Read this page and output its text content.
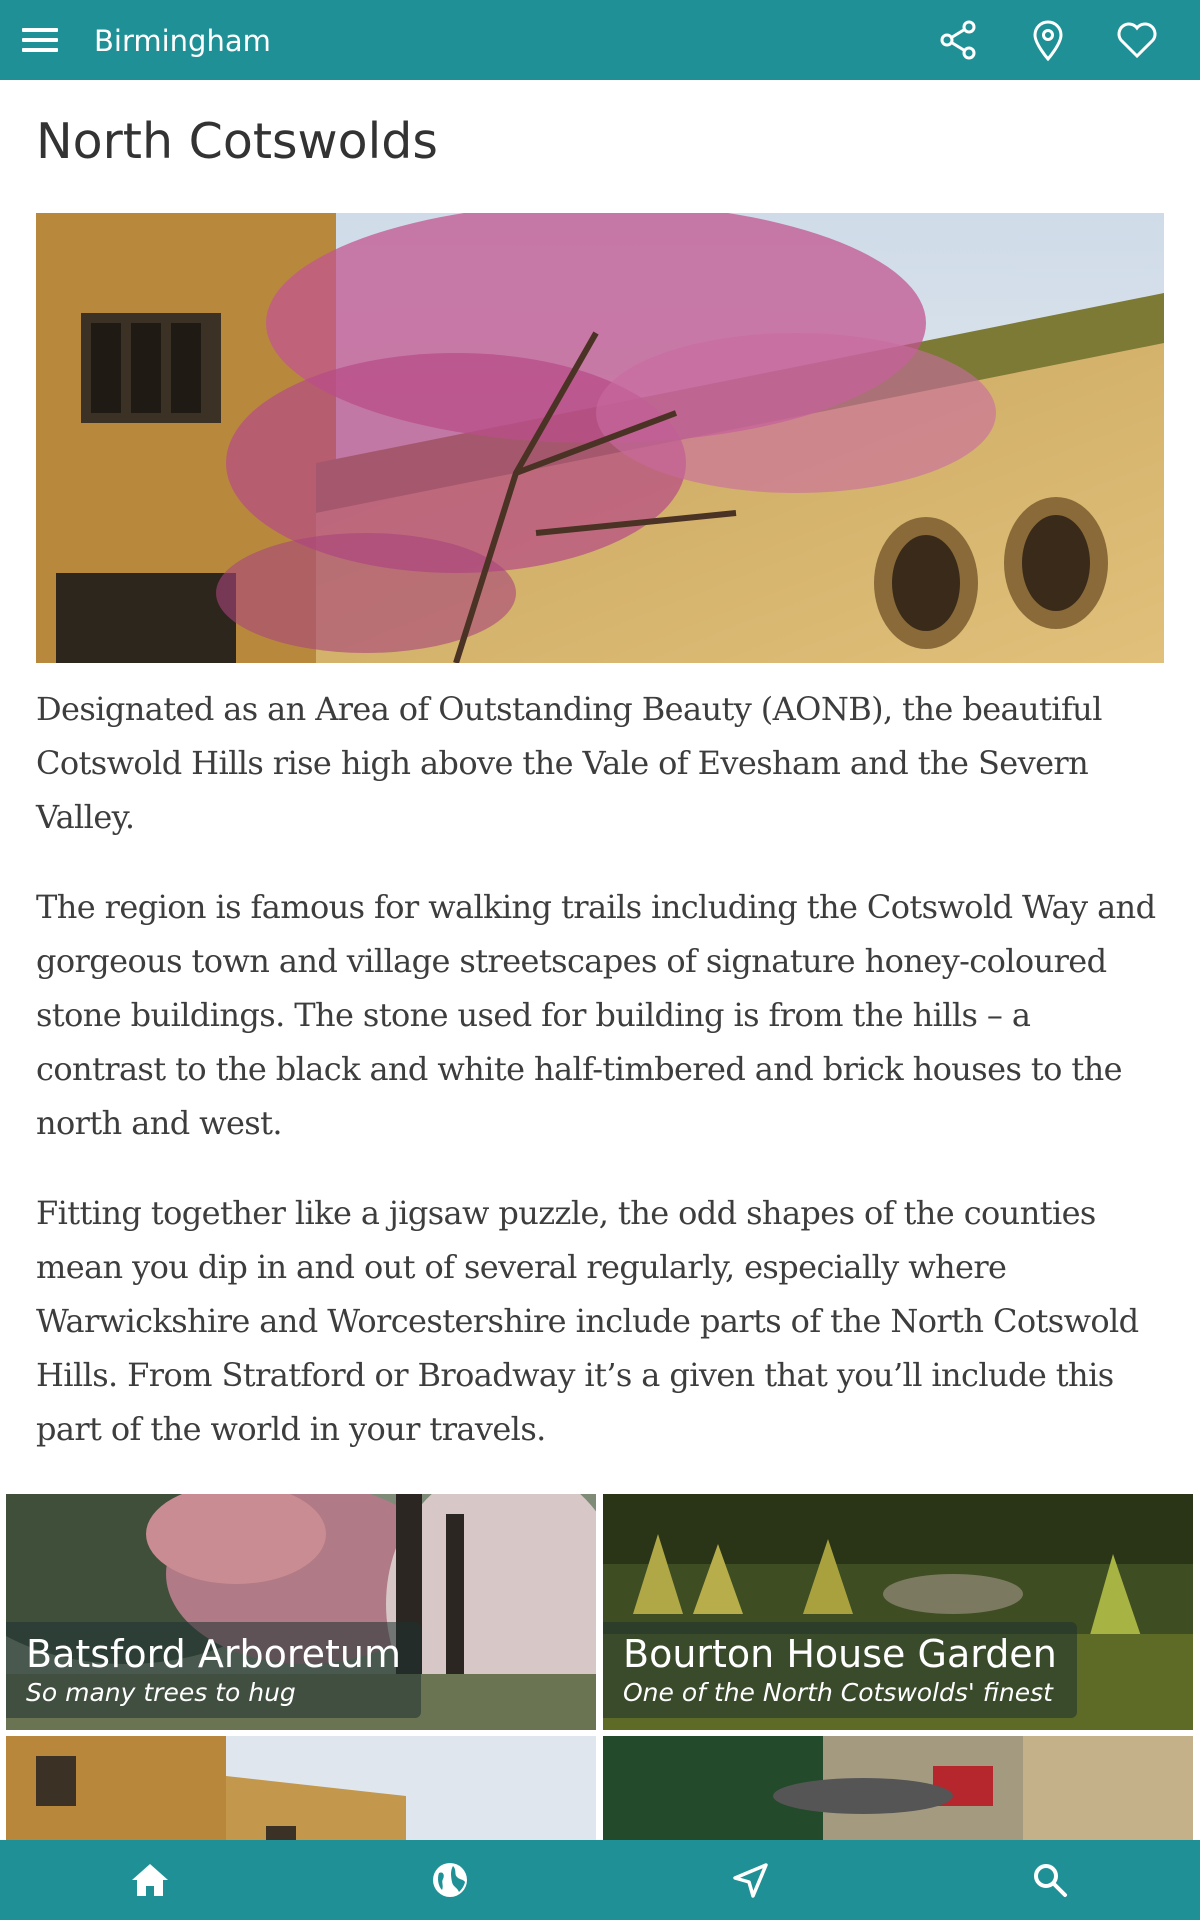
Birmingham
North Cotswolds

Designated as an Area of Outstanding Beauty (AONB), the beautiful Cotswold Hills rise high above the Vale of Evesham and the Severn Valley.

The region is famous for walking trails including the Cotswold Way and gorgeous town and village streetscapes of signature honey-coloured stone buildings. The stone used for building is from the hills – a contrast to the black and white half-timbered and brick houses to the north and west.

Fitting together like a jigsaw puzzle, the odd shapes of the counties mean you dip in and out of several regularly, especially where Warwickshire and Worcestershire include parts of the North Cotswold Hills. From Stratford or Broadway it’s a given that you’ll include this part of the world in your travels.

Batsford Arboretum
So many trees to hug
Bourton House Garden
One of the North Cotswolds' finest
